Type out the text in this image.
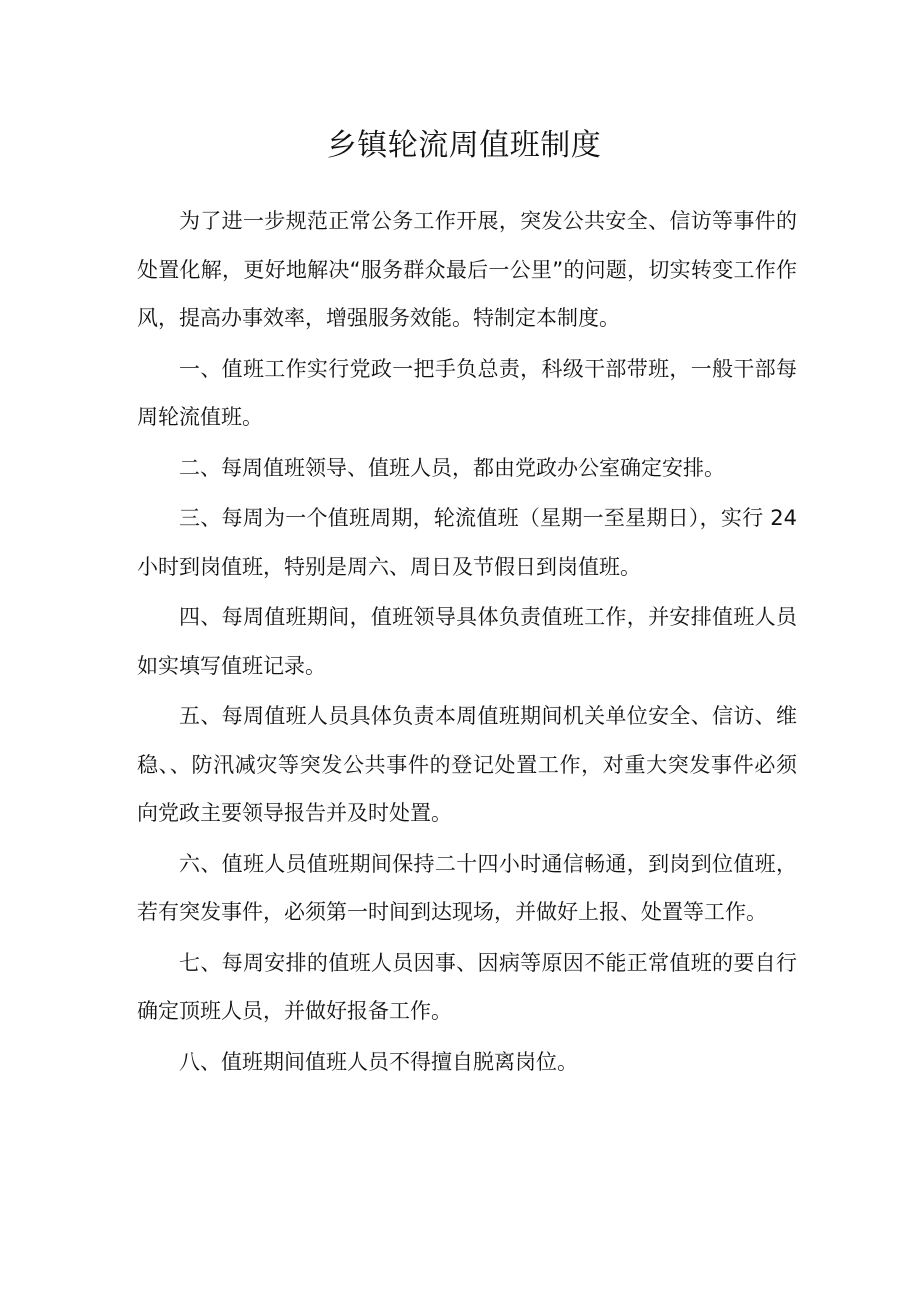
乡镇轮流周值班制度

为了进一步规范正常公务工作开展，突发公共安全、信访等事件的处置化解，更好地解决“服务群众最后一公里”的问题，切实转变工作作风，提高办事效率，增强服务效能。特制定本制度。

一、值班工作实行党政一把手负总责，科级干部带班，一般干部每周轮流值班。

二、每周值班领导、值班人员，都由党政办公室确定安排。

三、每周为一个值班周期，轮流值班（星期一至星期日），实行 24 小时到岗值班，特别是周六、周日及节假日到岗值班。

四、每周值班期间，值班领导具体负责值班工作，并安排值班人员如实填写值班记录。

五、每周值班人员具体负责本周值班期间机关单位安全、信访、维稳、、防汛减灾等突发公共事件的登记处置工作，对重大突发事件必须向党政主要领导报告并及时处置。

六、值班人员值班期间保持二十四小时通信畅通，到岗到位值班，若有突发事件，必须第一时间到达现场，并做好上报、处置等工作。

七、每周安排的值班人员因事、因病等原因不能正常值班的要自行确定顶班人员，并做好报备工作。

八、值班期间值班人员不得擅自脱离岗位。
